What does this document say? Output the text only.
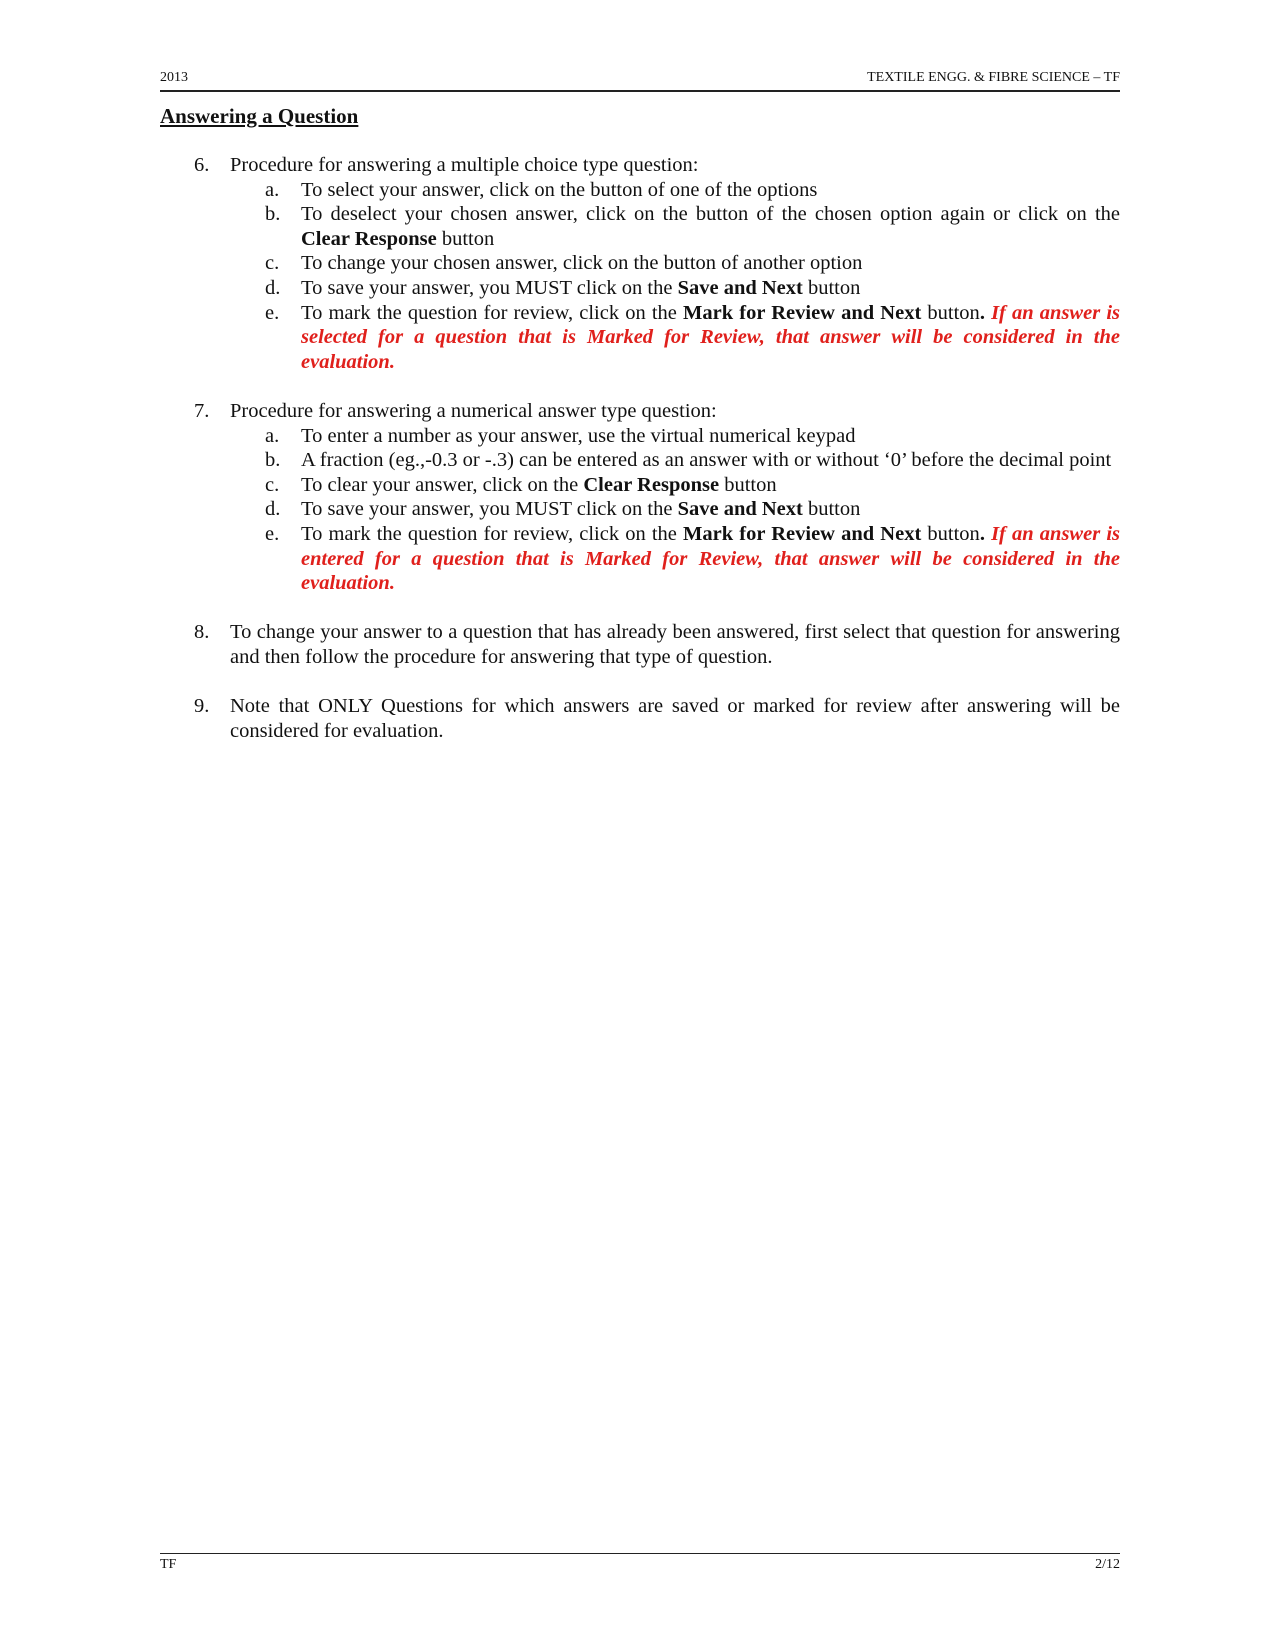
2013	TEXTILE ENGG. & FIBRE SCIENCE – TF
Answering a Question
6. Procedure for answering a multiple choice type question:
a. To select your answer, click on the button of one of the options
b. To deselect your chosen answer, click on the button of the chosen option again or click on the Clear Response button
c. To change your chosen answer, click on the button of another option
d. To save your answer, you MUST click on the Save and Next button
e. To mark the question for review, click on the Mark for Review and Next button. If an answer is selected for a question that is Marked for Review, that answer will be considered in the evaluation.
7. Procedure for answering a numerical answer type question:
a. To enter a number as your answer, use the virtual numerical keypad
b. A fraction (eg.,-0.3 or -.3) can be entered as an answer with or without ‘0’ before the decimal point
c. To clear your answer, click on the Clear Response button
d. To save your answer, you MUST click on the Save and Next button
e. To mark the question for review, click on the Mark for Review and Next button. If an answer is entered for a question that is Marked for Review, that answer will be considered in the evaluation.
8. To change your answer to a question that has already been answered, first select that question for answering and then follow the procedure for answering that type of question.
9. Note that ONLY Questions for which answers are saved or marked for review after answering will be considered for evaluation.
TF	2/12
